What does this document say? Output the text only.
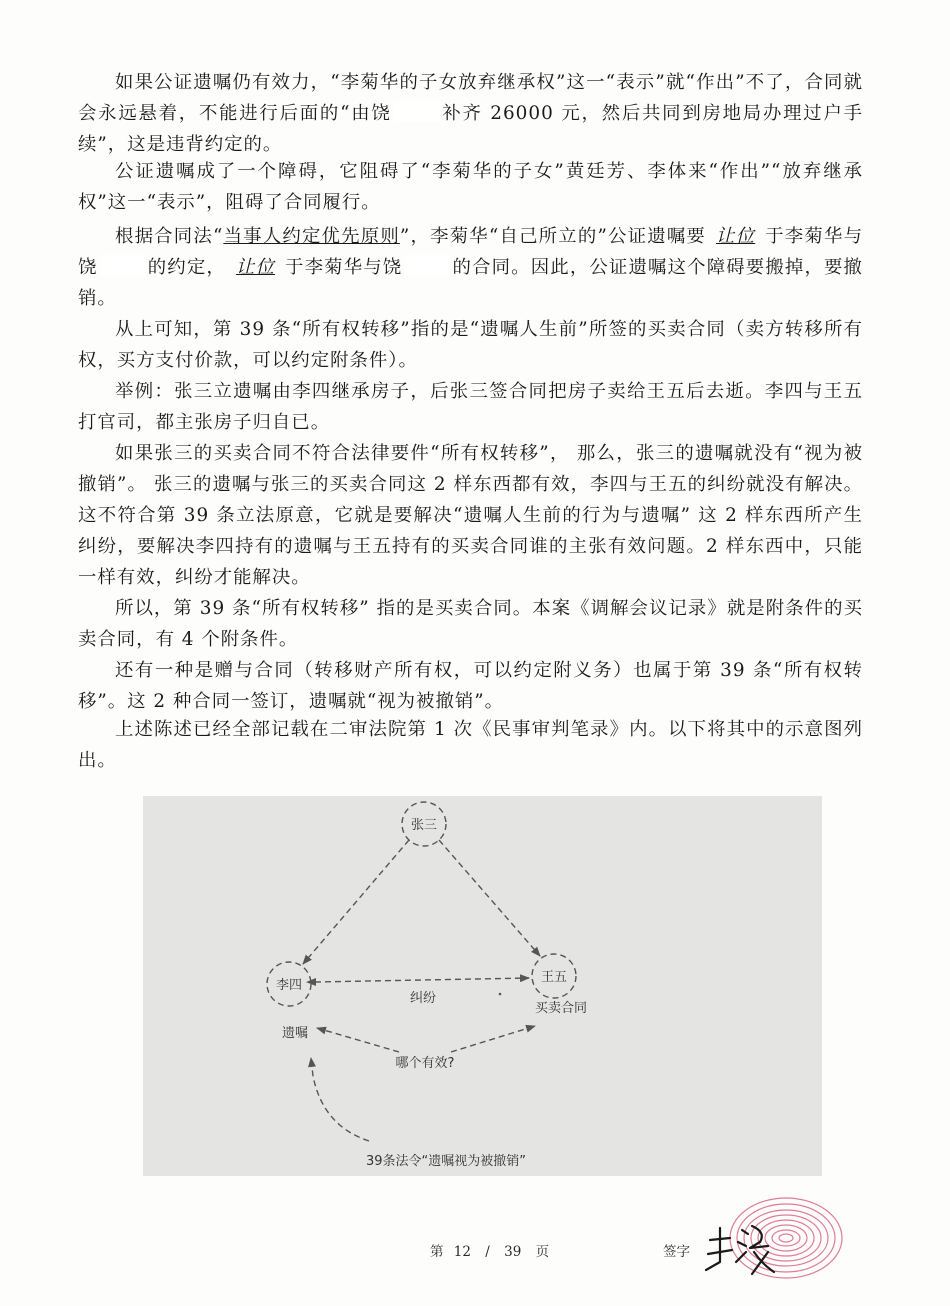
如果公证遗嘱仍有效力，“李菊华的子女放弃继承权”这一“表示”就“作出”不了，合同就会永远悬着，不能进行后面的“由饶	补齐 26000 元，然后共同到房地局办理过户手续”，这是违背约定的。

公证遗嘱成了一个障碍，它阻碍了“李菊华的子女”黄廷芳、李体来“作出”“放弃继承权”这一“表示”，阻碍了合同履行。

根据合同法“当事人约定优先原则”，李菊华“自己所立的”公证遗嘱要 让位 于李菊华与饶	的约定， 让位 于李菊华与饶	的合同。因此，公证遗嘱这个障碍要搬掉，要撤销。

从上可知，第 39 条“所有权转移”指的是“遗嘱人生前”所签的买卖合同（卖方转移所有权，买方支付价款，可以约定附条件）。

举例：张三立遗嘱由李四继承房子，后张三签合同把房子卖给王五后去逝。李四与王五打官司，都主张房子归自已。

如果张三的买卖合同不符合法律要件“所有权转移”， 那么，张三的遗嘱就没有“视为被撤销”。 张三的遗嘱与张三的买卖合同这 2 样东西都有效，李四与王五的纠纷就没有解决。这不符合第 39 条立法原意，它就是要解决“遗嘱人生前的行为与遗嘱” 这 2 样东西所产生纠纷，要解决李四持有的遗嘱与王五持有的买卖合同谁的主张有效问题。2 样东西中，只能一样有效，纠纷才能解决。

所以，第 39 条“所有权转移” 指的是买卖合同。本案《调解会议记录》就是附条件的买卖合同，有 4 个附条件。

还有一种是赠与合同（转移财产所有权，可以约定附义务）也属于第 39 条“所有权转移”。这 2 种合同一签订，遗嘱就“视为被撤销”。

上述陈述已经全部记载在二审法院第 1 次《民事审判笔录》内。以下将其中的示意图列出。

张三
李四
王五
纠纷
遗嘱
买卖合同
哪个有效?
39条法令“遗嘱视为被撤销”
第 12 / 39 页	签字
